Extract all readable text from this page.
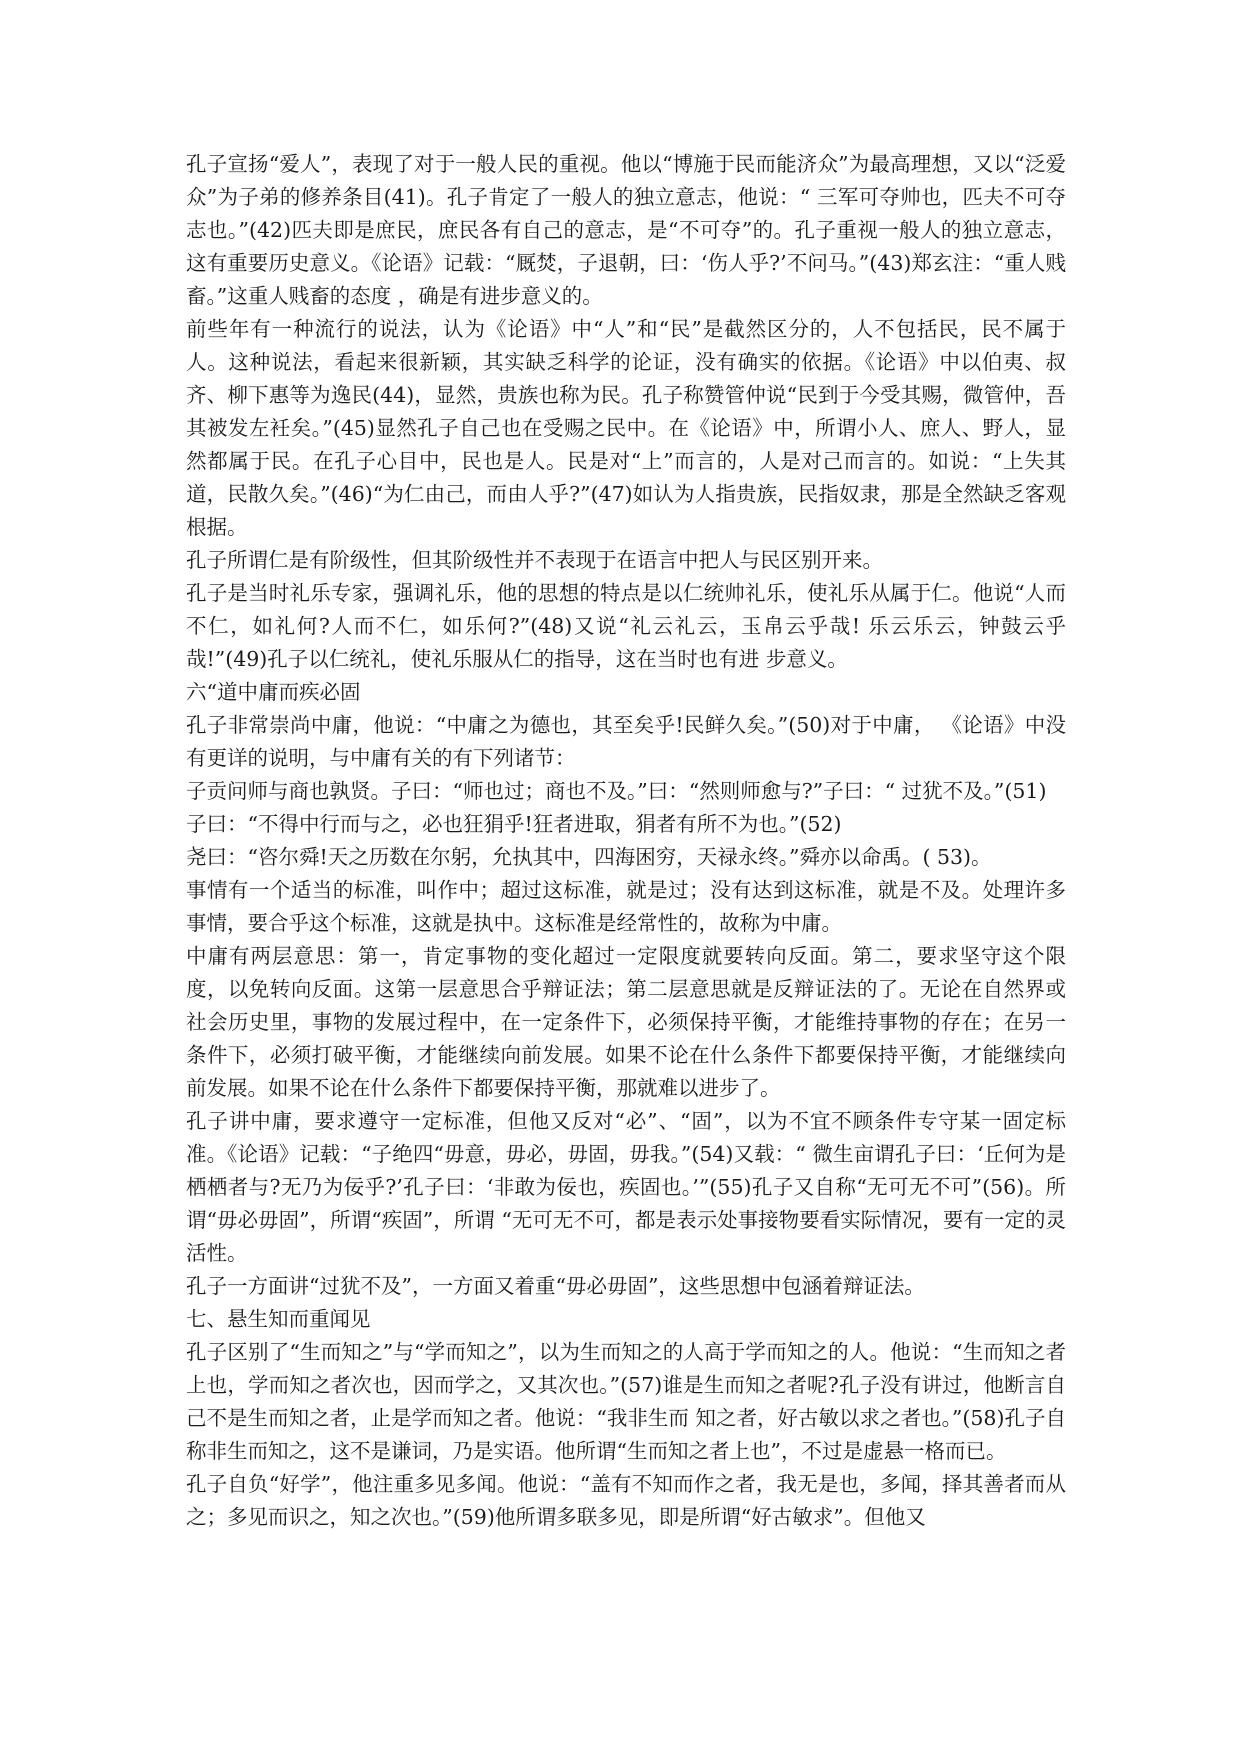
孔子宣扬“爱人”，表现了对于一般人民的重视。他以“博施于民而能济众”为最高理想，又以“泛爱众”为子弟的修养条目(41)。孔子肯定了一般人的独立意志，他说：“ 三军可夺帅也，匹夫不可夺志也。”(42)匹夫即是庶民，庶民各有自己的意志，是“不可夺”的。孔子重视一般人的独立意志，这有重要历史意义。《论语》记载：“厩焚，子退朝，曰：‘伤人乎?’不问马。”(43)郑玄注：“重人贱畜。”这重人贱畜的态度 ，确是有进步意义的。

前些年有一种流行的说法，认为《论语》中“人”和“民”是截然区分的，人不包括民，民不属于人。这种说法，看起来很新颖，其实缺乏科学的论证，没有确实的依据。《论语》中以伯夷、叔齐、柳下惠等为逸民(44)，显然，贵族也称为民。孔子称赞管仲说“民到于今受其赐，微管仲，吾其被发左衽矣。”(45)显然孔子自己也在受赐之民中。在《论语》中，所谓小人、庶人、野人，显然都属于民。在孔子心目中，民也是人。民是对“上”而言的，人是对己而言的。如说：“上失其道，民散久矣。”(46)“为仁由己，而由人乎?”(47)如认为人指贵族，民指奴隶，那是全然缺乏客观根据。

孔子所谓仁是有阶级性，但其阶级性并不表现于在语言中把人与民区别开来。

孔子是当时礼乐专家，强调礼乐，他的思想的特点是以仁统帅礼乐，使礼乐从属于仁。他说“人而不仁，如礼何?人而不仁，如乐何?”(48)又说“礼云礼云，玉帛云乎哉! 乐云乐云，钟鼓云乎哉!”(49)孔子以仁统礼，使礼乐服从仁的指导，这在当时也有进 步意义。

六“道中庸而疾必固

孔子非常崇尚中庸，他说：“中庸之为德也，其至矣乎!民鲜久矣。”(50)对于中庸， 《论语》中没有更详的说明，与中庸有关的有下列诸节：

子贡问师与商也孰贤。子曰：“师也过；商也不及。”曰：“然则师愈与?”子曰：“ 过犹不及。”(51)

子曰：“不得中行而与之，必也狂狷乎!狂者进取，狷者有所不为也。”(52)

尧曰：“咨尔舜!天之历数在尔躬，允执其中，四海困穷，天禄永终。”舜亦以命禹。( 53)。

事情有一个适当的标准，叫作中；超过这标准，就是过；没有达到这标准，就是不及。处理许多事情，要合乎这个标准，这就是执中。这标准是经常性的，故称为中庸。

中庸有两层意思：第一，肯定事物的变化超过一定限度就要转向反面。第二，要求坚守这个限度，以免转向反面。这第一层意思合乎辩证法；第二层意思就是反辩证法的了。无论在自然界或社会历史里，事物的发展过程中，在一定条件下，必须保持平衡，才能维持事物的存在；在另一条件下，必须打破平衡，才能继续向前发展。如果不论在什么条件下都要保持平衡，才能继续向前发展。如果不论在什么条件下都要保持平衡，那就难以进步了。

孔子讲中庸，要求遵守一定标准，但他又反对“必”、“固”，以为不宜不顾条件专守某一固定标准。《论语》记载：“子绝四“毋意，毋必，毋固，毋我。”(54)又载：“ 微生亩谓孔子曰：‘丘何为是栖栖者与?无乃为佞乎?’孔子曰：‘非敢为佞也，疾固也。’”(55)孔子又自称“无可无不可”(56)。所谓“毋必毋固”，所谓“疾固”，所谓 “无可无不可，都是表示处事接物要看实际情况，要有一定的灵活性。

孔子一方面讲“过犹不及”，一方面又着重“毋必毋固”，这些思想中包涵着辩证法。

七、悬生知而重闻见

孔子区别了“生而知之”与“学而知之”，以为生而知之的人高于学而知之的人。他说：“生而知之者上也，学而知之者次也，因而学之，又其次也。”(57)谁是生而知之者呢?孔子没有讲过，他断言自己不是生而知之者，止是学而知之者。他说：“我非生而 知之者，好古敏以求之者也。”(58)孔子自称非生而知之，这不是谦词，乃是实语。他所谓“生而知之者上也”，不过是虚悬一格而已。

孔子自负“好学”，他注重多见多闻。他说：“盖有不知而作之者，我无是也，多闻，择其善者而从之；多见而识之，知之次也。”(59)他所谓多联多见，即是所谓“好古敏求”。但他又
